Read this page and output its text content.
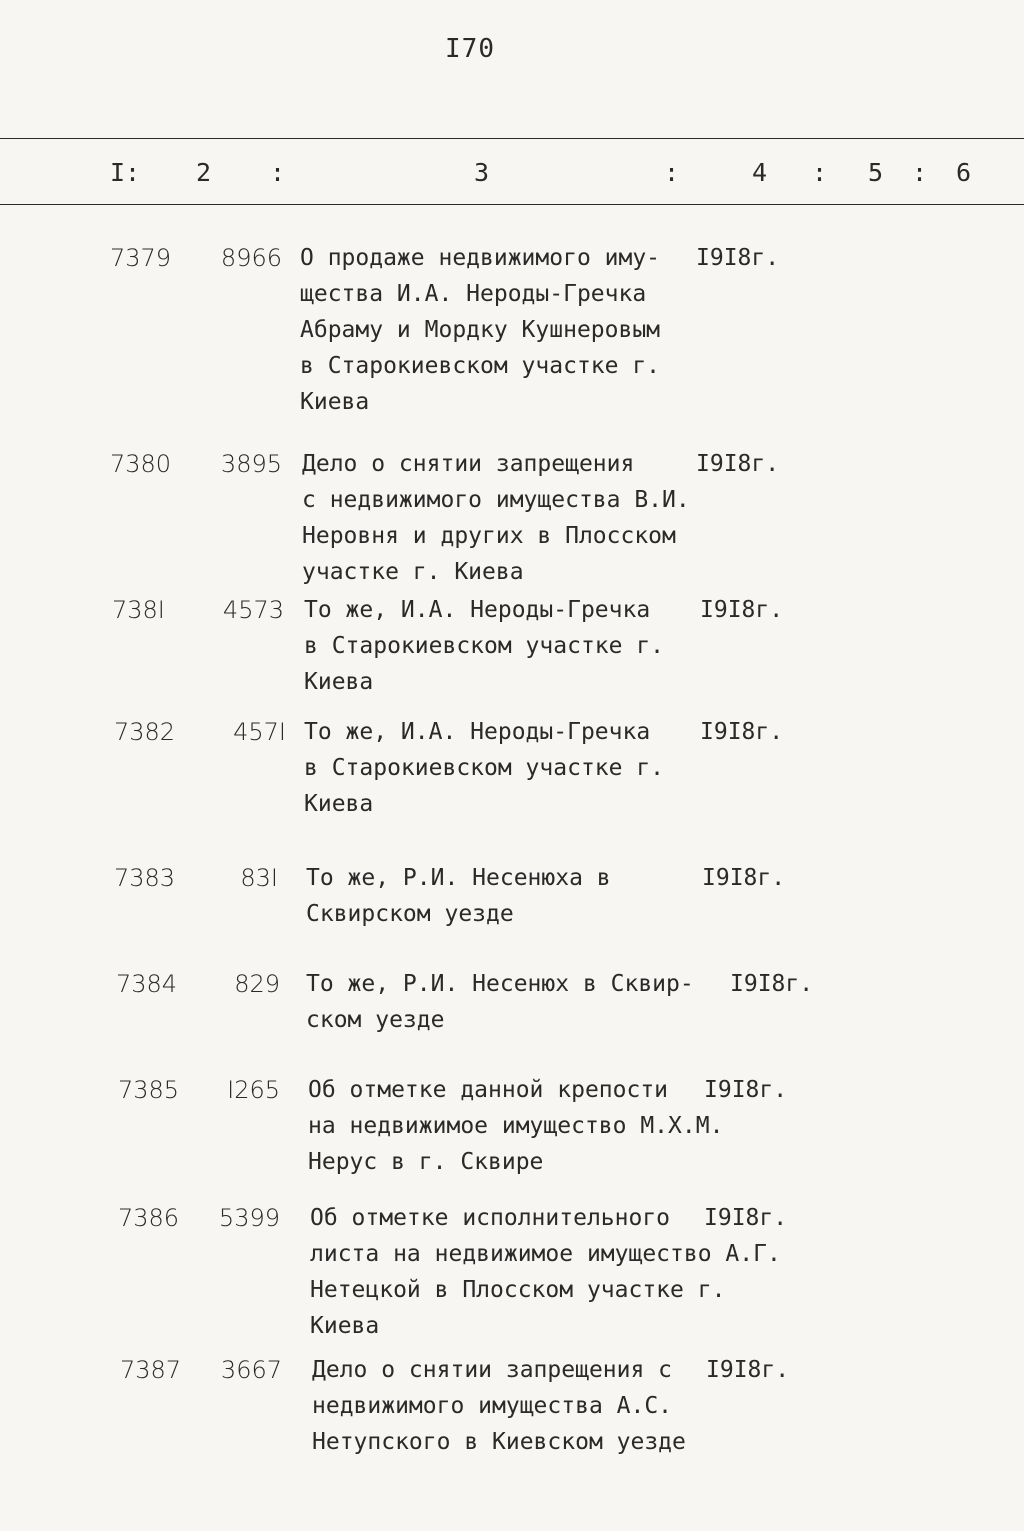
I70
I: 2 :	3	:	4 : 5 : 6
7379	8966 О продаже недвижимого иму-
щества И.А. Нероды-Гречка
Абраму и Мордку Кушнеровым
в Старокиевском участке г.
Киева
I9I8г.
7380	3895 Дело о снятии запрещения
с недвижимого имущества В.И.
Неровня и других в Плосском
участке г. Киева
I9I8г.
738I	4573 То же, И.А. Нероды-Гречка
в Старокиевском участке г.
Киева
I9I8г.
7382	457I То же, И.А. Нероды-Гречка
в Старокиевском участке г.
Киева
I9I8г.
7383	83I То же, Р.И. Несенюха в
Сквирском уезде
I9I8г.
7384	829 То же, Р.И. Несенюх в Сквир-
ском уезде
I9I8г.
7385	I265 Об отметке данной крепости
на недвижимое имущество М.Х.М.
Нерус в г. Сквире
I9I8г.
7386	5399 Об отметке исполнительного
листа на недвижимое имущество А.Г.
Нетецкой в Плосском участке г.
Киева
I9I8г.
7387	3667 Дело о снятии запрещения с
недвижимого имущества А.С.
Нетупского в Киевском уезде
I9I8г.
